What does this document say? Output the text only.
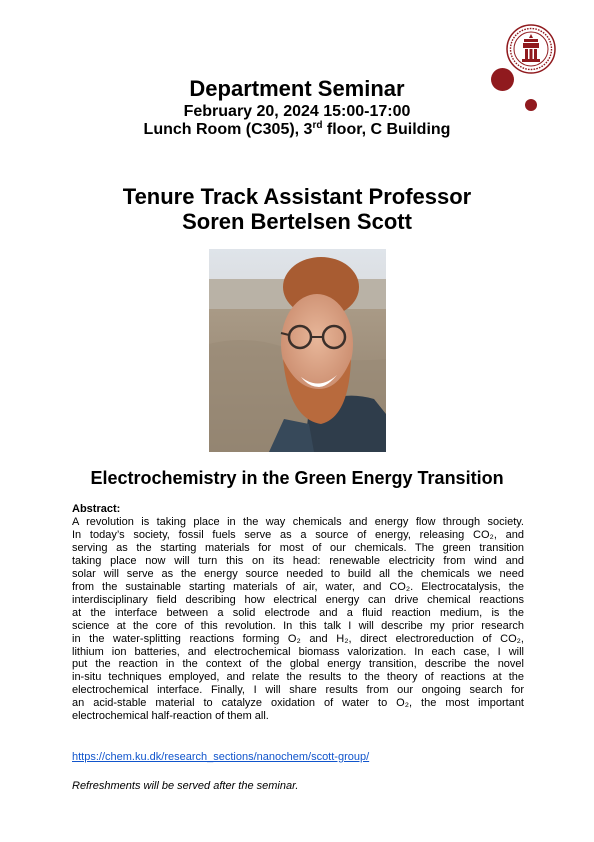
Department Seminar
February 20, 2024 15:00-17:00
Lunch Room (C305), 3rd floor, C Building
Tenure Track Assistant Professor
Soren Bertelsen Scott
Electrochemistry in the Green Energy Transition
Abstract:
A revolution is taking place in the way chemicals and energy flow through society.
In today’s society, fossil fuels serve as a source of energy, releasing CO₂, and
serving as the starting materials for most of our chemicals. The green transition
taking place now will turn this on its head: renewable electricity from wind and
solar will serve as the energy source needed to build all the chemicals we need
from the sustainable starting materials of air, water, and CO₂. Electrocatalysis, the
interdisciplinary field describing how electrical energy can drive chemical reactions
at the interface between a solid electrode and a fluid reaction medium, is the
science at the core of this revolution. In this talk I will describe my prior research
in the water-splitting reactions forming O₂ and H₂, direct electroreduction of CO₂,
lithium ion batteries, and electrochemical biomass valorization. In each case, I will
put the reaction in the context of the global energy transition, describe the novel
in-situ techniques employed, and relate the results to the theory of reactions at the
electrochemical interface. Finally, I will share results from our ongoing search for
an acid-stable material to catalyze oxidation of water to O₂, the most important
electrochemical half-reaction of them all.
https://chem.ku.dk/research_sections/nanochem/scott-group/
Refreshments will be served after the seminar.
